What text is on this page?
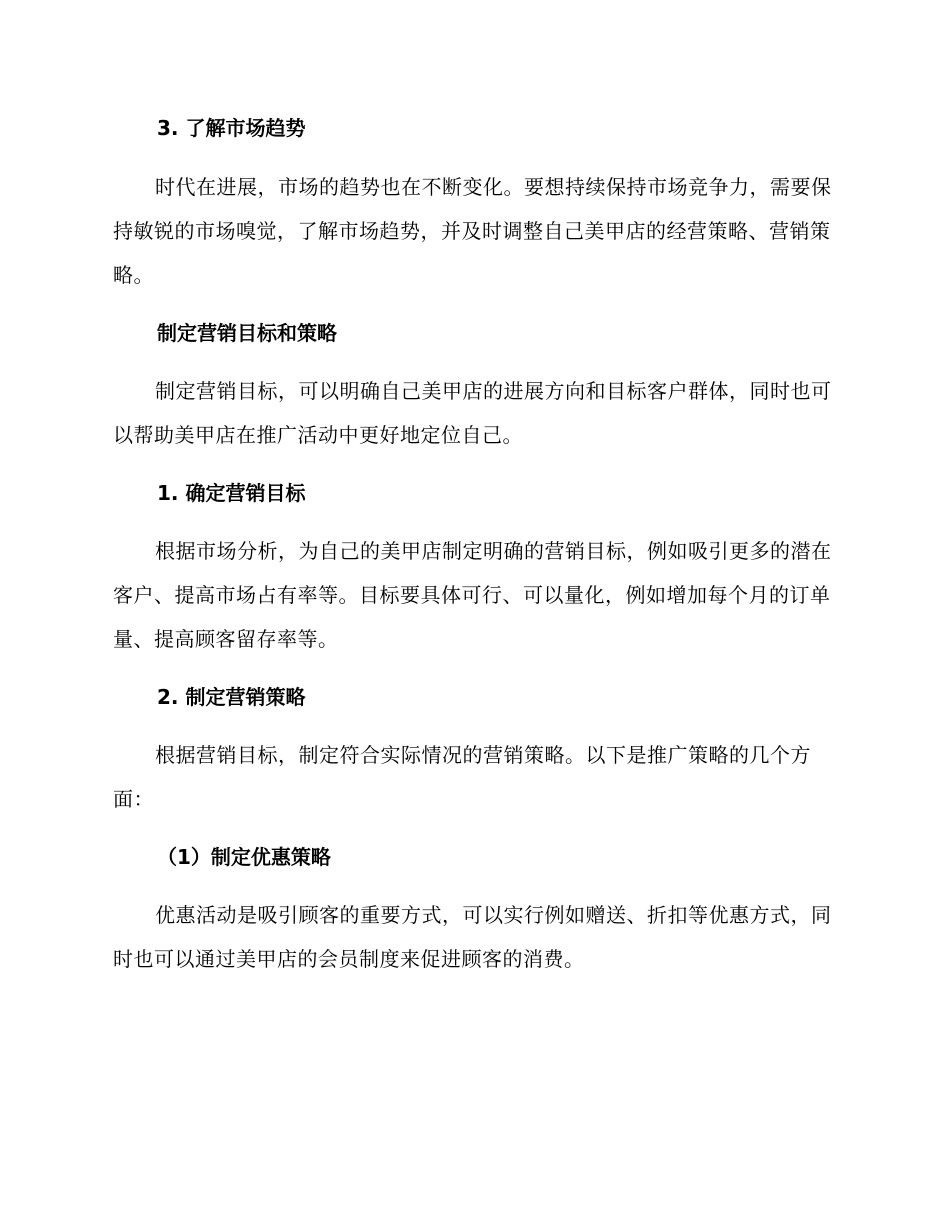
3. 了解市场趋势

时代在进展，市场的趋势也在不断变化。要想持续保持市场竞争力，需要保持敏锐的市场嗅觉，了解市场趋势，并及时调整自己美甲店的经营策略、营销策略。

制定营销目标和策略

制定营销目标，可以明确自己美甲店的进展方向和目标客户群体，同时也可以帮助美甲店在推广活动中更好地定位自己。

1. 确定营销目标

根据市场分析，为自己的美甲店制定明确的营销目标，例如吸引更多的潜在客户、提高市场占有率等。目标要具体可行、可以量化，例如增加每个月的订单量、提高顾客留存率等。

2. 制定营销策略

根据营销目标，制定符合实际情况的营销策略。以下是推广策略的几个方面：

（1）制定优惠策略

优惠活动是吸引顾客的重要方式，可以实行例如赠送、折扣等优惠方式，同时也可以通过美甲店的会员制度来促进顾客的消费。
